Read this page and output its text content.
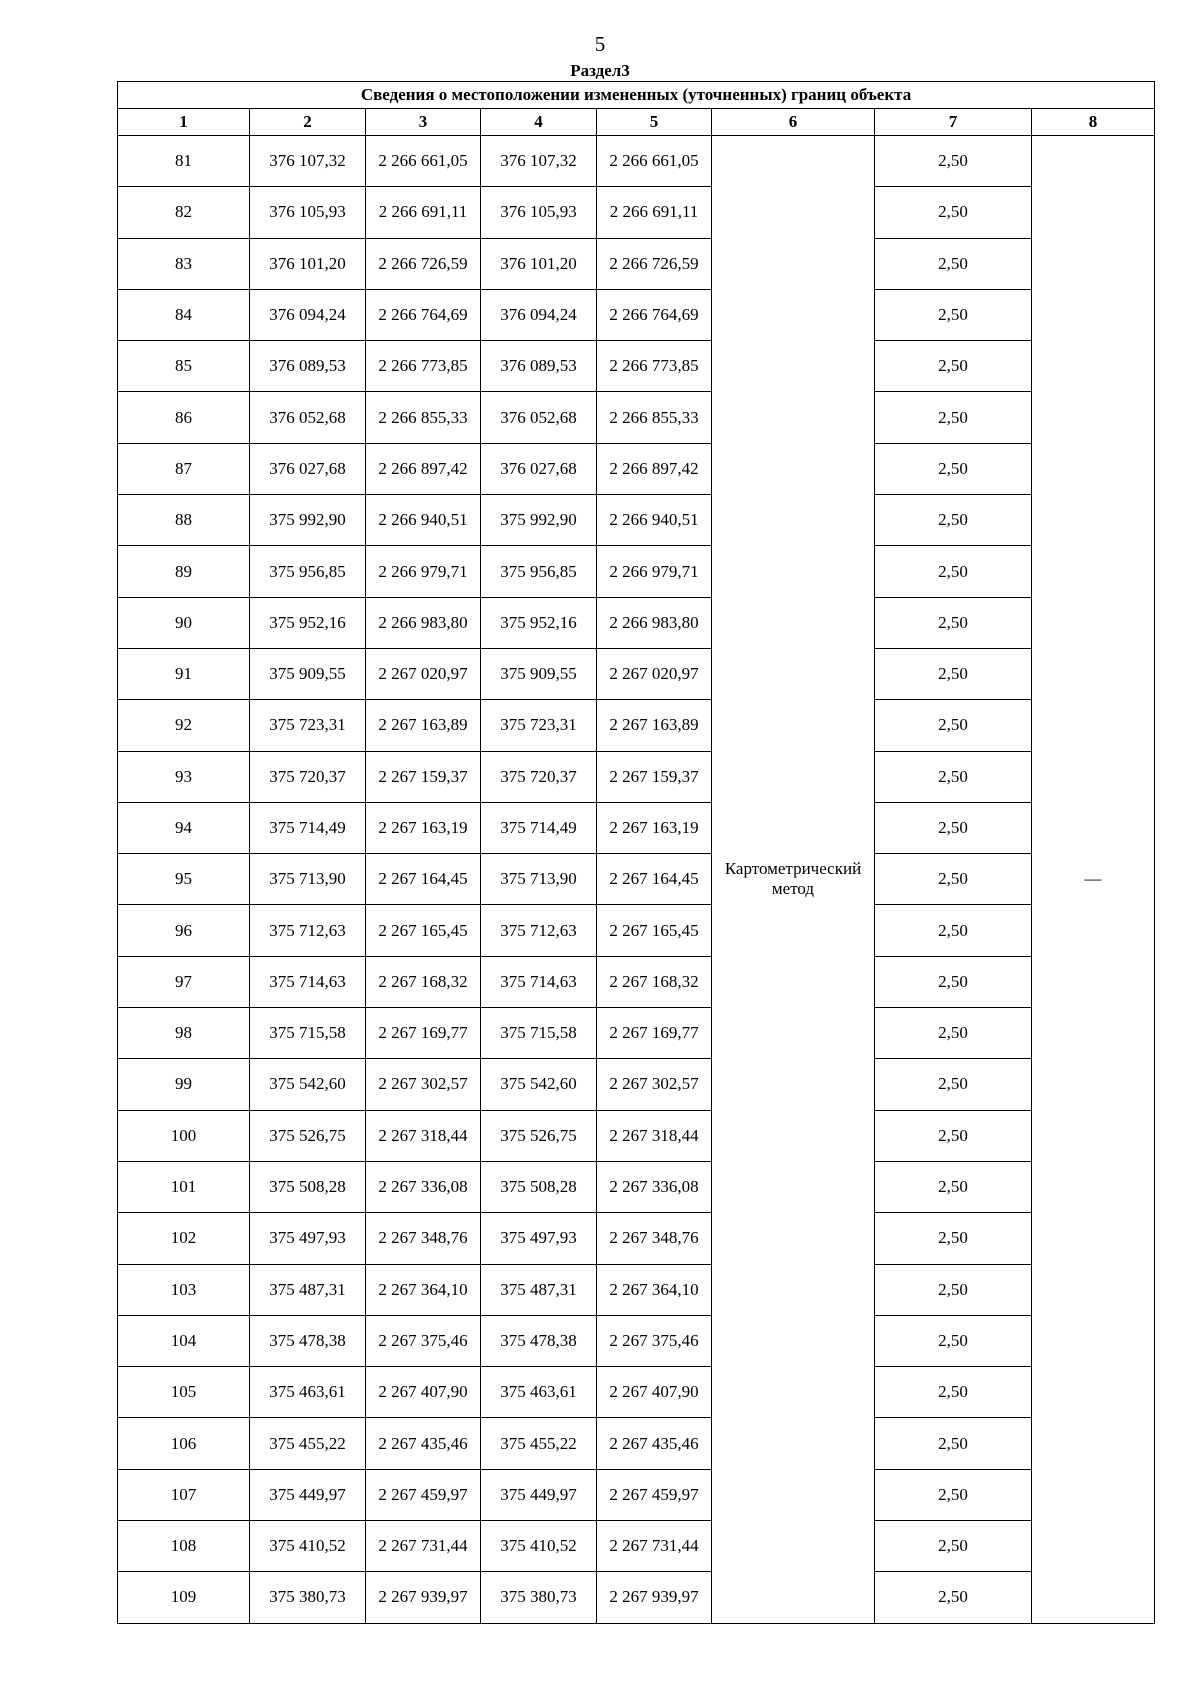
5
Раздел3
Сведения о местоположении измененных (уточненных) границ объекта							
1	2	3	4	5	6	7	8
81	376 107,32	2 266 661,05	376 107,32	2 266 661,05	Картометрический метод	2,50	—
82	376 105,93	2 266 691,11	376 105,93	2 266 691,11		2,50	
83	376 101,20	2 266 726,59	376 101,20	2 266 726,59		2,50	
84	376 094,24	2 266 764,69	376 094,24	2 266 764,69		2,50	
85	376 089,53	2 266 773,85	376 089,53	2 266 773,85		2,50	
86	376 052,68	2 266 855,33	376 052,68	2 266 855,33		2,50	
87	376 027,68	2 266 897,42	376 027,68	2 266 897,42		2,50	
88	375 992,90	2 266 940,51	375 992,90	2 266 940,51		2,50	
89	375 956,85	2 266 979,71	375 956,85	2 266 979,71		2,50	
90	375 952,16	2 266 983,80	375 952,16	2 266 983,80		2,50	
91	375 909,55	2 267 020,97	375 909,55	2 267 020,97		2,50	
92	375 723,31	2 267 163,89	375 723,31	2 267 163,89		2,50	
93	375 720,37	2 267 159,37	375 720,37	2 267 159,37		2,50	
94	375 714,49	2 267 163,19	375 714,49	2 267 163,19		2,50	
95	375 713,90	2 267 164,45	375 713,90	2 267 164,45		2,50	
96	375 712,63	2 267 165,45	375 712,63	2 267 165,45		2,50	
97	375 714,63	2 267 168,32	375 714,63	2 267 168,32		2,50	
98	375 715,58	2 267 169,77	375 715,58	2 267 169,77		2,50	
99	375 542,60	2 267 302,57	375 542,60	2 267 302,57		2,50	
100	375 526,75	2 267 318,44	375 526,75	2 267 318,44		2,50	
101	375 508,28	2 267 336,08	375 508,28	2 267 336,08		2,50	
102	375 497,93	2 267 348,76	375 497,93	2 267 348,76		2,50	
103	375 487,31	2 267 364,10	375 487,31	2 267 364,10		2,50	
104	375 478,38	2 267 375,46	375 478,38	2 267 375,46		2,50	
105	375 463,61	2 267 407,90	375 463,61	2 267 407,90		2,50	
106	375 455,22	2 267 435,46	375 455,22	2 267 435,46		2,50	
107	375 449,97	2 267 459,97	375 449,97	2 267 459,97		2,50	
108	375 410,52	2 267 731,44	375 410,52	2 267 731,44		2,50	
109	375 380,73	2 267 939,97	375 380,73	2 267 939,97		2,50	
